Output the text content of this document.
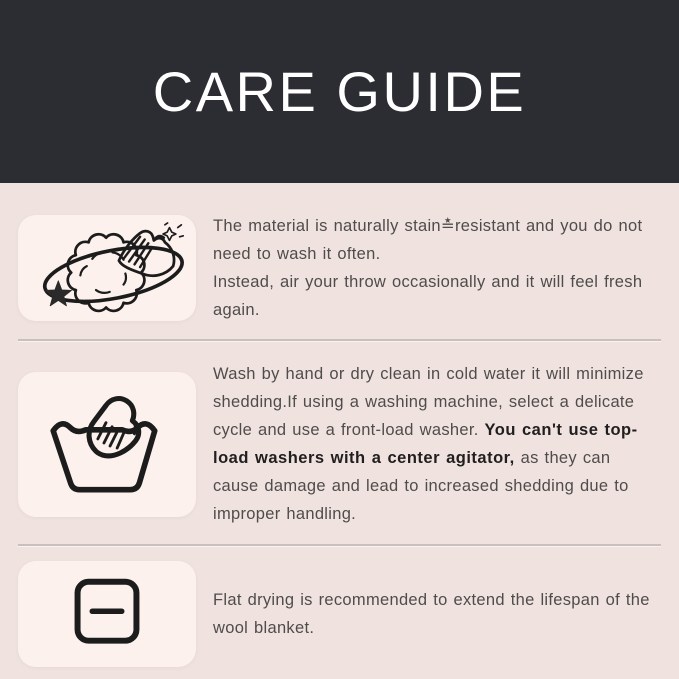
CARE GUIDE

The material is naturally stain≛resistant and you do not need to wash it often.
Instead, air your throw occasionally and it will feel fresh again.

Wash by hand or dry clean in cold water it will minimize shedding.If using a washing machine, select a delicate cycle and use a front-load washer. You can't use top-load washers with a center agitator, as they can cause damage and lead to increased shedding due to improper handling.

Flat drying is recommended to extend the lifespan of the wool blanket.
